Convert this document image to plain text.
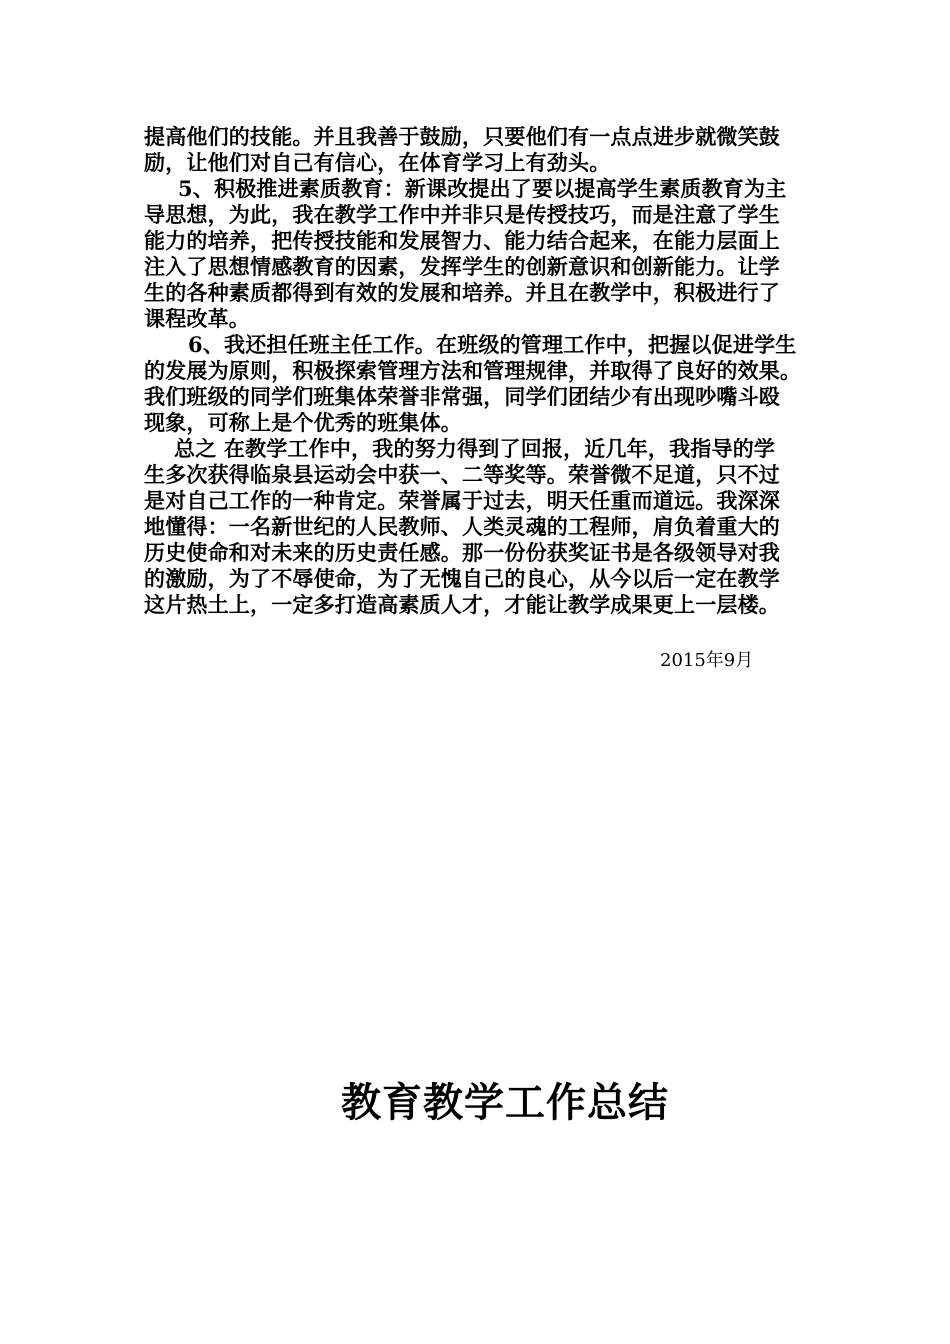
提高他们的技能。并且我善于鼓励，只要他们有一点点进步就微笑鼓
励，让他们对自己有信心，在体育学习上有劲头。
5、积极推进素质教育：新课改提出了要以提高学生素质教育为主
导思想，为此，我在教学工作中并非只是传授技巧，而是注意了学生
能力的培养，把传授技能和发展智力、能力结合起来，在能力层面上
注入了思想情感教育的因素，发挥学生的创新意识和创新能力。让学
生的各种素质都得到有效的发展和培养。并且在教学中，积极进行了
课程改革。
6、我还担任班主任工作。在班级的管理工作中，把握以促进学生
的发展为原则，积极探索管理方法和管理规律，并取得了良好的效果。
我们班级的同学们班集体荣誉非常强，同学们团结少有出现吵嘴斗殴
现象，可称上是个优秀的班集体。
总之 在教学工作中，我的努力得到了回报，近几年，我指导的学
生多次获得临泉县运动会中获一、二等奖等。荣誉微不足道，只不过
是对自己工作的一种肯定。荣誉属于过去，明天任重而道远。我深深
地懂得：一名新世纪的人民教师、人类灵魂的工程师，肩负着重大的
历史使命和对未来的历史责任感。那一份份获奖证书是各级领导对我
的激励，为了不辱使命，为了无愧自己的良心，从今以后一定在教学
这片热土上，一定多打造高素质人才，才能让教学成果更上一层楼。
2015年9月
教育教学工作总结
